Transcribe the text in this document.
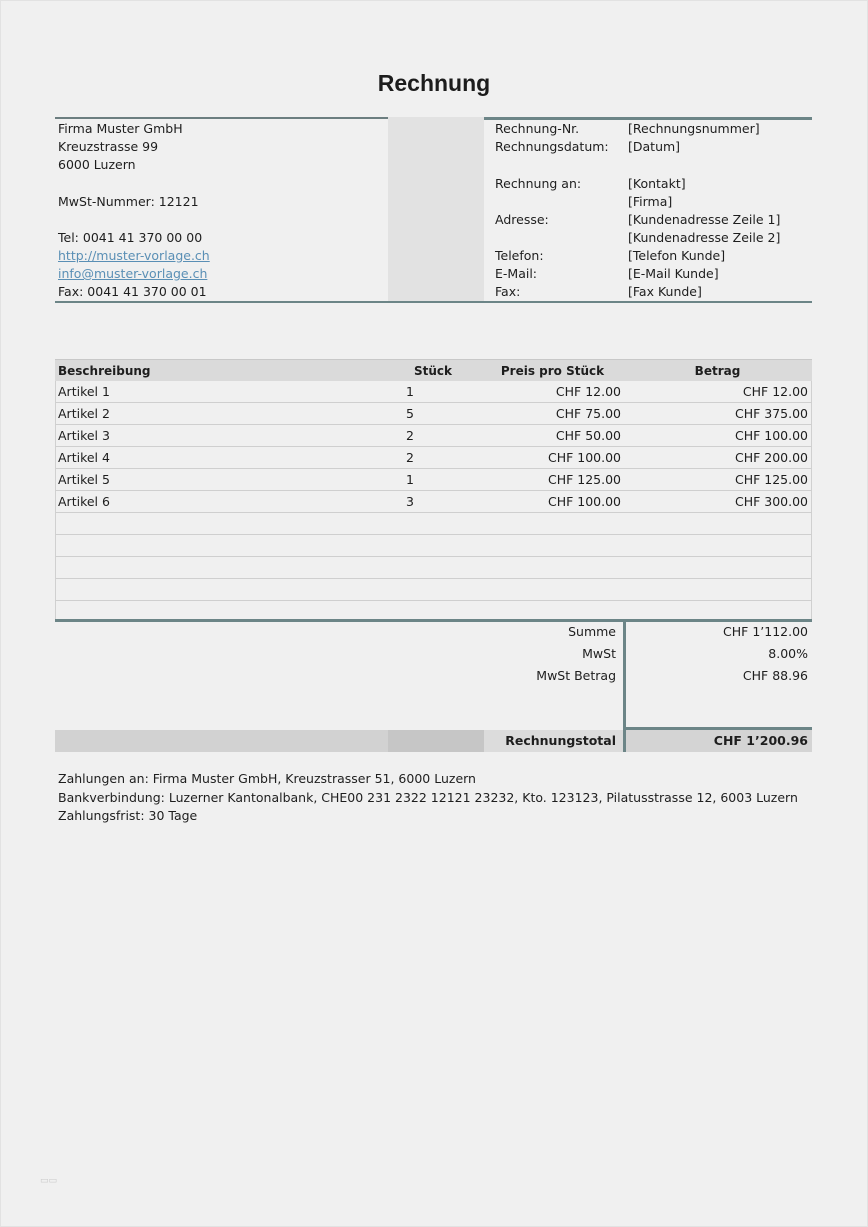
Rechnung
Firma Muster GmbH
Kreuzstrasse 99
6000 Luzern
MwSt-Nummer: 12121
Tel: 0041 41 370 00 00
http://muster-vorlage.ch
info@muster-vorlage.ch
Fax: 0041 41 370 00 01
Rechnung-Nr.	[Rechnungsnummer]
Rechnungsdatum: [Datum]
Rechnung an:	[Kontakt]
[Firma]
Adresse:	[Kundenadresse Zeile 1]
[Kundenadresse Zeile 2]
Telefon:	[Telefon Kunde]
E-Mail:	[E-Mail Kunde]
Fax:	[Fax Kunde]
Beschreibung	Stück	Preis pro Stück	Betrag
Artikel 1	1	CHF 12.00	CHF 12.00
Artikel 2	5	CHF 75.00	CHF 375.00
Artikel 3	2	CHF 50.00	CHF 100.00
Artikel 4	2	CHF 100.00	CHF 200.00
Artikel 5	1	CHF 125.00	CHF 125.00
Artikel 6	3	CHF 100.00	CHF 300.00
Summe	CHF 1’112.00
MwSt	8.00%
MwSt Betrag	CHF 88.96
Rechnungstotal	CHF 1’200.96
Zahlungen an: Firma Muster GmbH, Kreuzstrasser 51, 6000 Luzern
Bankverbindung: Luzerner Kantonalbank, CHE00 231 2322 12121 23232, Kto. 123123, Pilatusstrasse 12, 6003 Luzern
Zahlungsfrist: 30 Tage
▭▭
